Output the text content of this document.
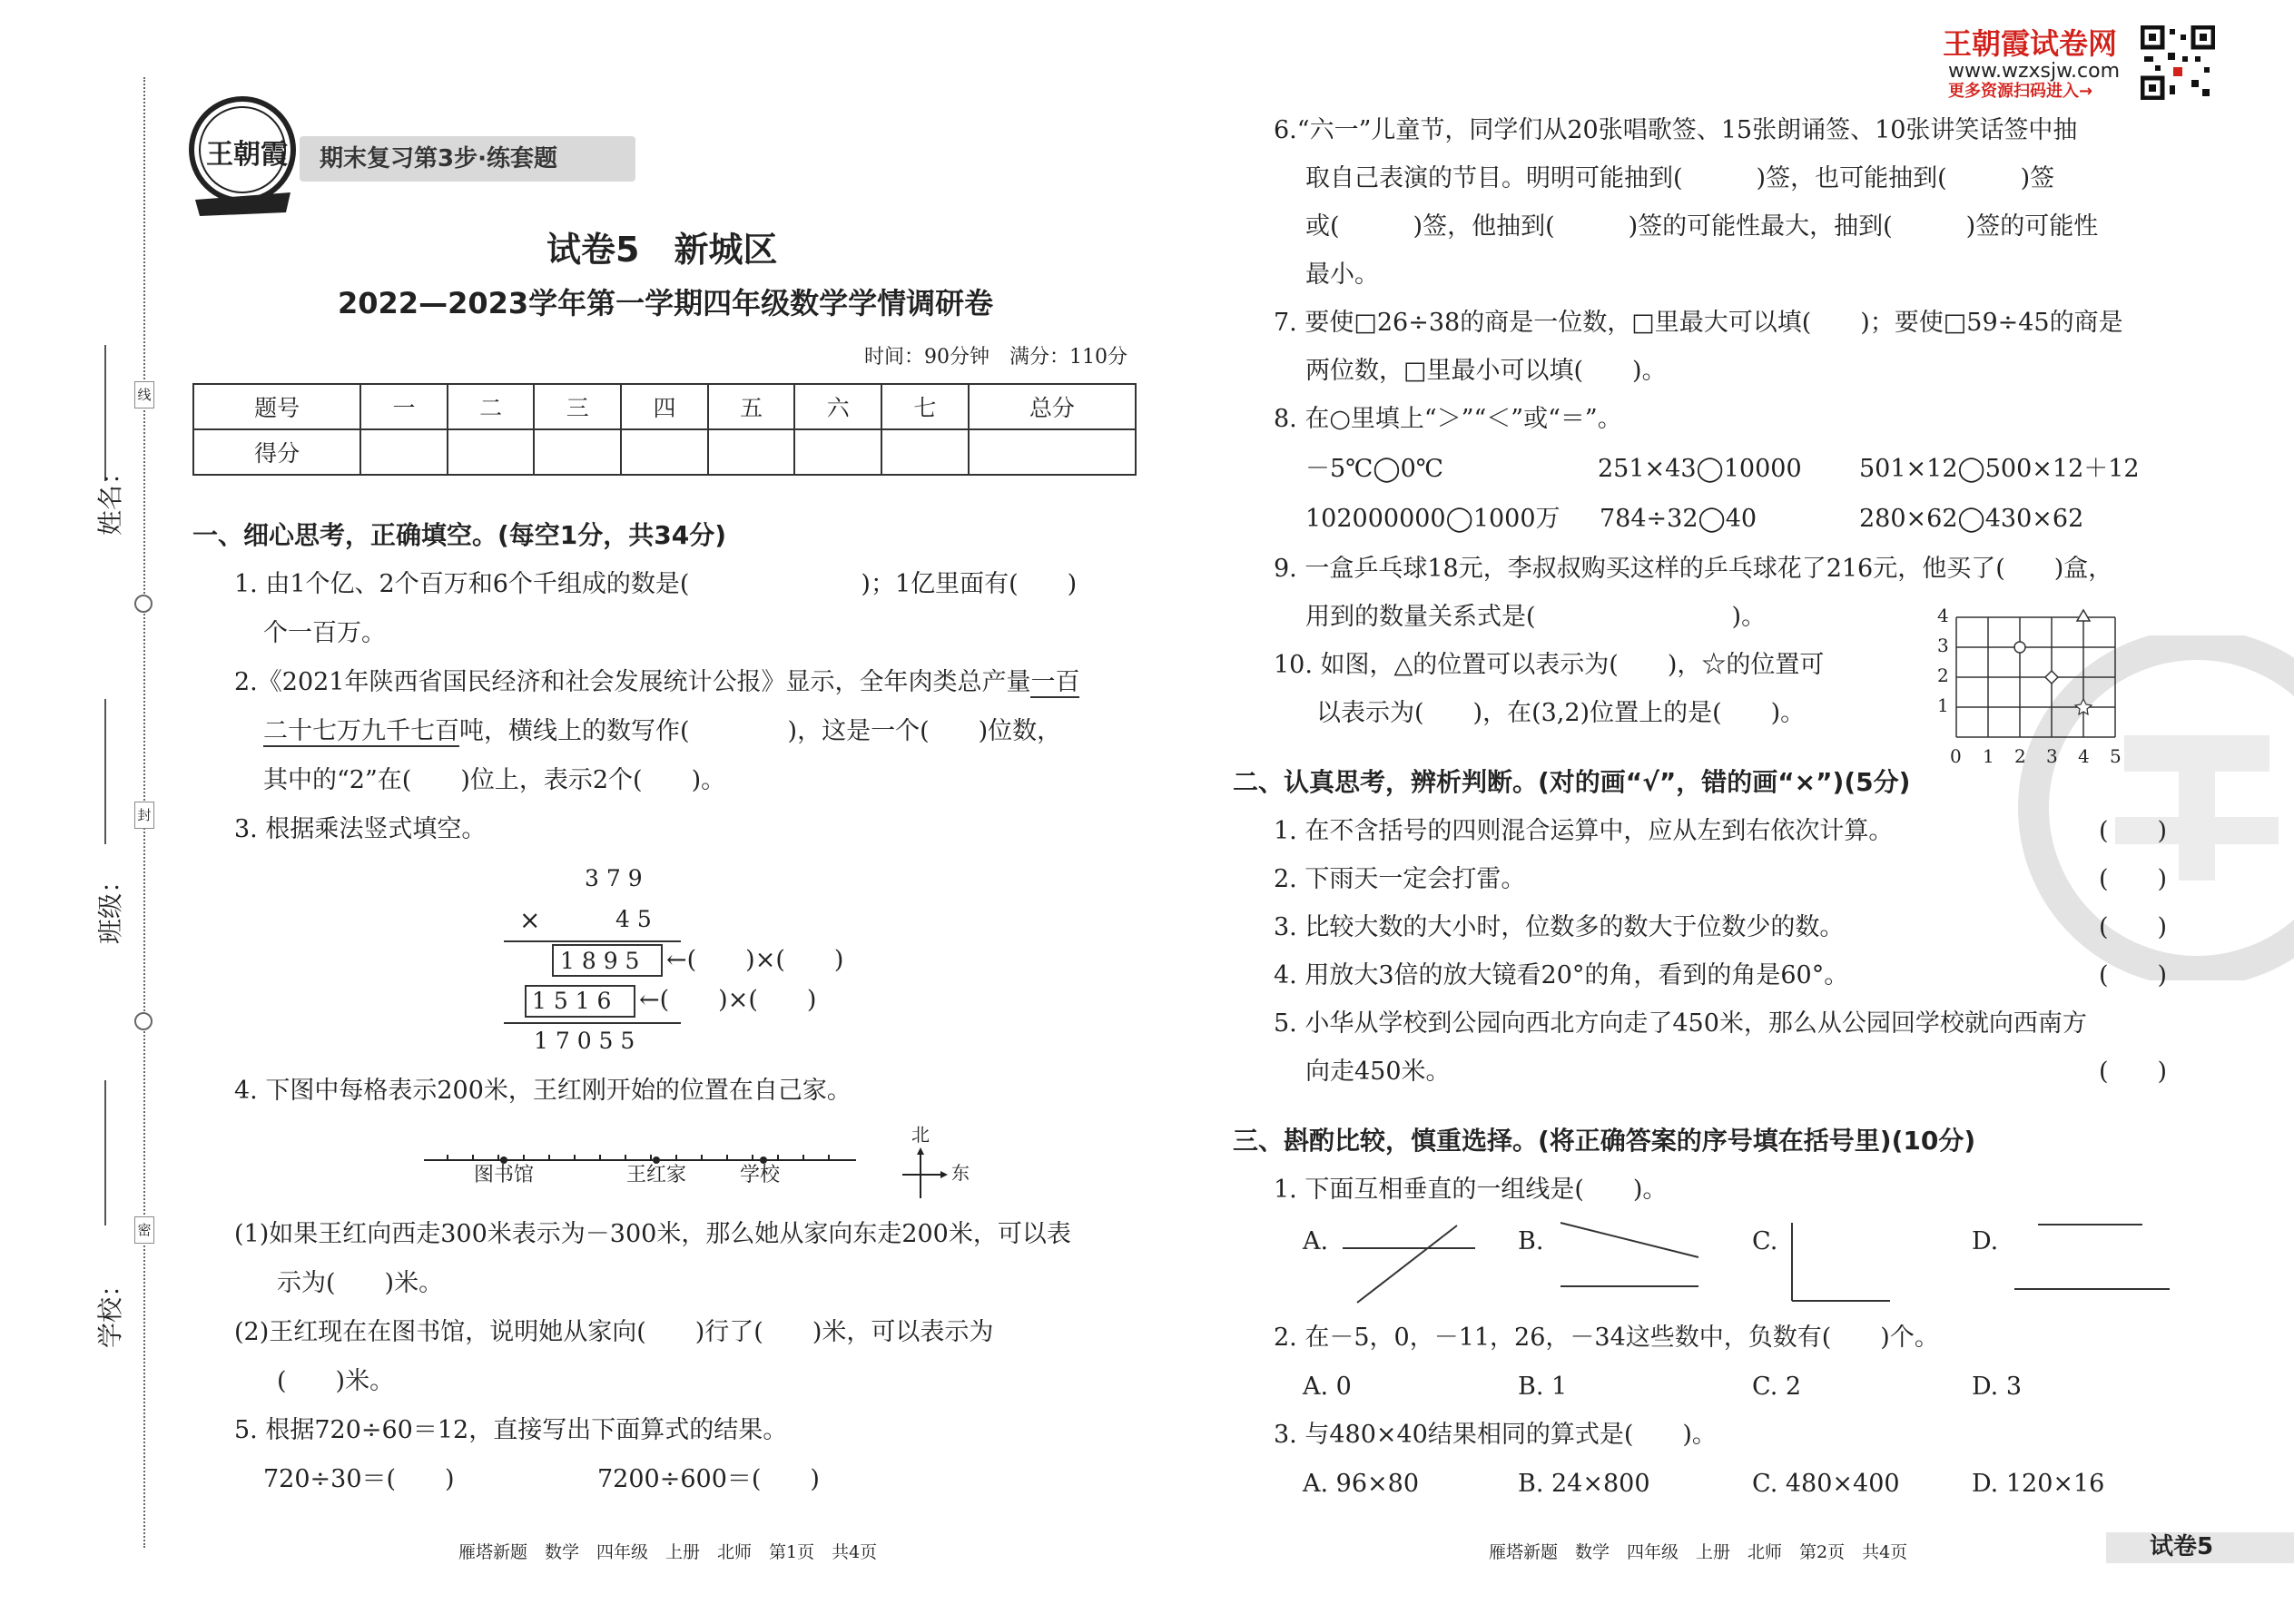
线
封
密
姓名：
班级：
学校：
王朝霞 期末复习第3步·练套题
王朝霞试卷网
www.wzxsjw.com
更多资源扫码进入→
试卷5　新城区
2022—2023学年第一学期四年级数学学情调研卷
时间：90分钟　满分：110分
题号	一	二	三	四	五	六	七	总分
得分								
一、细心思考，正确填空。(每空1分，共34分)
1. 由1个亿、2个百万和6个千组成的数是(　　　　　　　)；1亿里面有(　　)
个一百万。
2.《2021年陕西省国民经济和社会发展统计公报》显示，全年肉类总产量一百
二十七万九千七百吨，横线上的数写作(　　　　)，这是一个(　　)位数，
其中的“2”在(　　)位上，表示2个(　　)。
3. 根据乘法竖式填空。
3 7 9
×	4 5
1 8 9 5 ←(　　)×(　　)
1 5 1 6 ←(　　)×(　　)
1 7 0 5 5
4. 下图中每格表示200米，王红刚开始的位置在自己家。
图书馆	王红家	学校
北
东
(1)如果王红向西走300米表示为－300米，那么她从家向东走200米，可以表
示为(　　)米。
(2)王红现在在图书馆，说明她从家向(　　)行了(　　)米，可以表示为
(　　)米。
5. 根据720÷60＝12，直接写出下面算式的结果。
720÷30＝(　　)	7200÷600＝(　　)
雁塔新题　数学　四年级　上册　北师　第1页　共4页
6.“六一”儿童节，同学们从20张唱歌签、15张朗诵签、10张讲笑话签中抽
取自己表演的节目。明明可能抽到(　　　)签，也可能抽到(　　　)签
或(　　　)签，他抽到(　　　)签的可能性最大，抽到(　　　)签的可能性
最小。
7. 要使□26÷38的商是一位数，□里最大可以填(　　)；要使□59÷45的商是
两位数，□里最小可以填(　　)。
8. 在○里填上“＞”“＜”或“＝”。
－5℃◯0℃	251×43◯10000 501×12◯500×12＋12
102000000◯1000万 784÷32◯40	280×62◯430×62
9. 一盒乒乓球18元，李叔叔购买这样的乒乓球花了216元，他买了(　　)盒，
用到的数量关系式是(　　　　　　　　)。
10. 如图，△的位置可以表示为(　　)，☆的位置可
以表示为(　　)，在(3,2)位置上的是(　　)。
4
3
2
1
0 1 2 3 4 5
二、认真思考，辨析判断。(对的画“√”，错的画“×”)(5分)
1. 在不含括号的四则混合运算中，应从左到右依次计算。	(　　)
2. 下雨天一定会打雷。	(　　)
3. 比较大数的大小时，位数多的数大于位数少的数。	(　　)
4. 用放大3倍的放大镜看20°的角，看到的角是60°。	(　　)
5. 小华从学校到公园向西北方向走了450米，那么从公园回学校就向西南方
向走450米。	(　　)
三、斟酌比较，慎重选择。(将正确答案的序号填在括号里)(10分)
1. 下面互相垂直的一组线是(　　)。
A.	B.	C.	D.
2. 在－5，0，－11，26，－34这些数中，负数有(　　)个。
A. 0	B. 1	C. 2	D. 3
3. 与480×40结果相同的算式是(　　)。
A. 96×80	B. 24×800	C. 480×400	D. 120×16
雁塔新题　数学　四年级　上册　北师　第2页　共4页	试卷5
